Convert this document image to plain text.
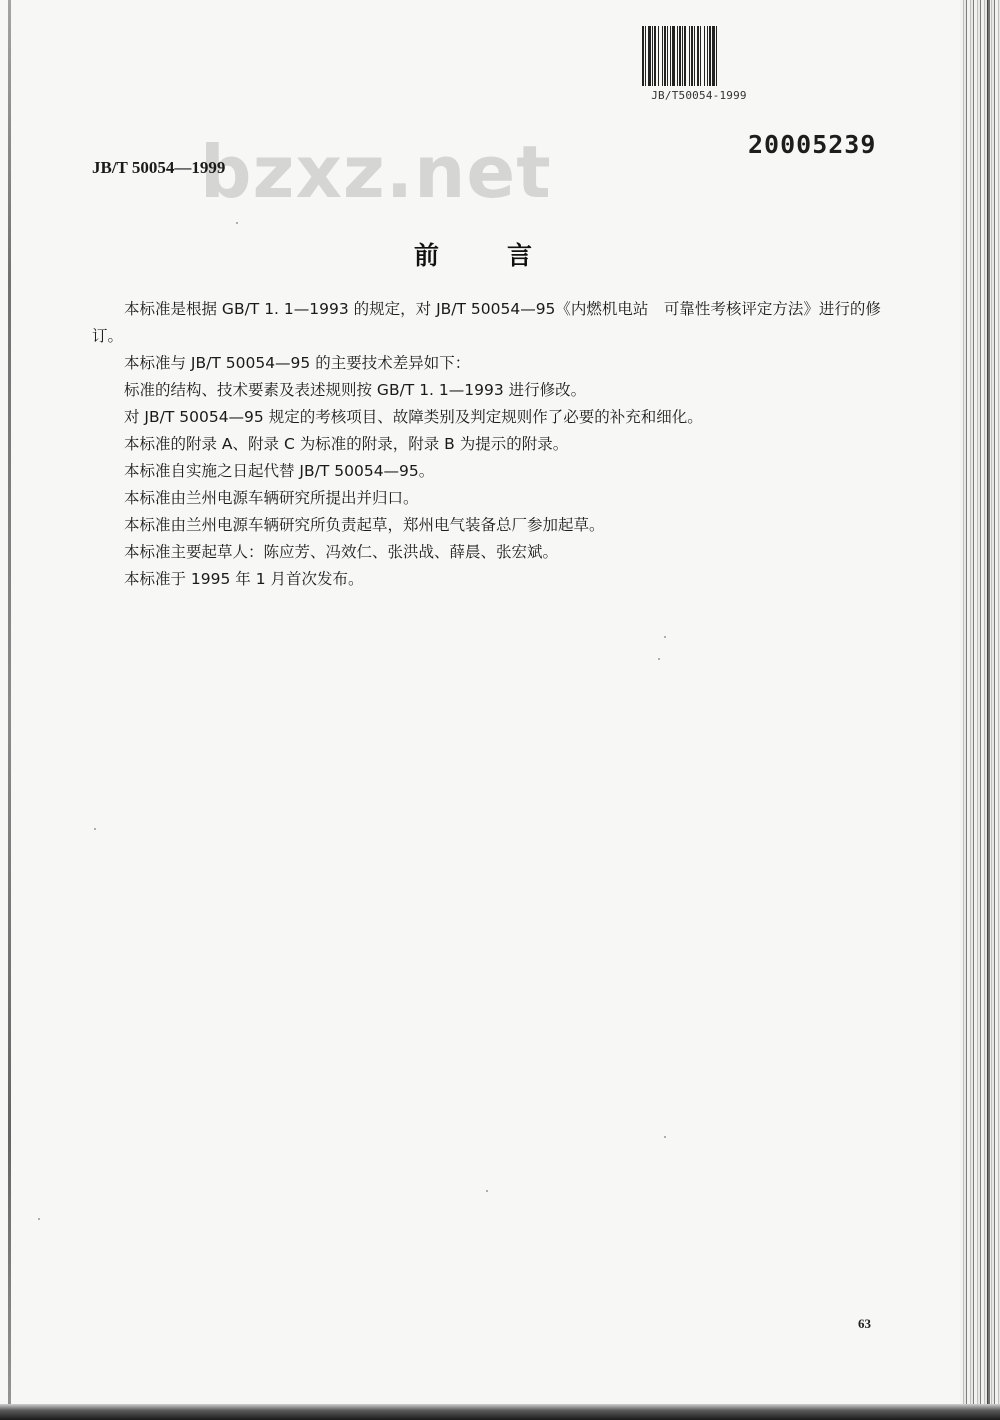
JB/T50054-1999
20005239
bzxz.net
JB/T 50054—1999
前言

本标准是根据 GB/T 1. 1—1993 的规定，对 JB/T 50054—95《内燃机电站　可靠性考核评定方法》进行的修订。

本标准与 JB/T 50054—95 的主要技术差异如下：

标准的结构、技术要素及表述规则按 GB/T 1. 1—1993 进行修改。

对 JB/T 50054—95 规定的考核项目、故障类别及判定规则作了必要的补充和细化。

本标准的附录 A、附录 C 为标准的附录，附录 B 为提示的附录。

本标准自实施之日起代替 JB/T 50054—95。

本标准由兰州电源车辆研究所提出并归口。

本标准由兰州电源车辆研究所负责起草，郑州电气装备总厂参加起草。

本标准主要起草人：陈应芳、冯效仁、张洪战、薛晨、张宏斌。

本标准于 1995 年 1 月首次发布。

63
